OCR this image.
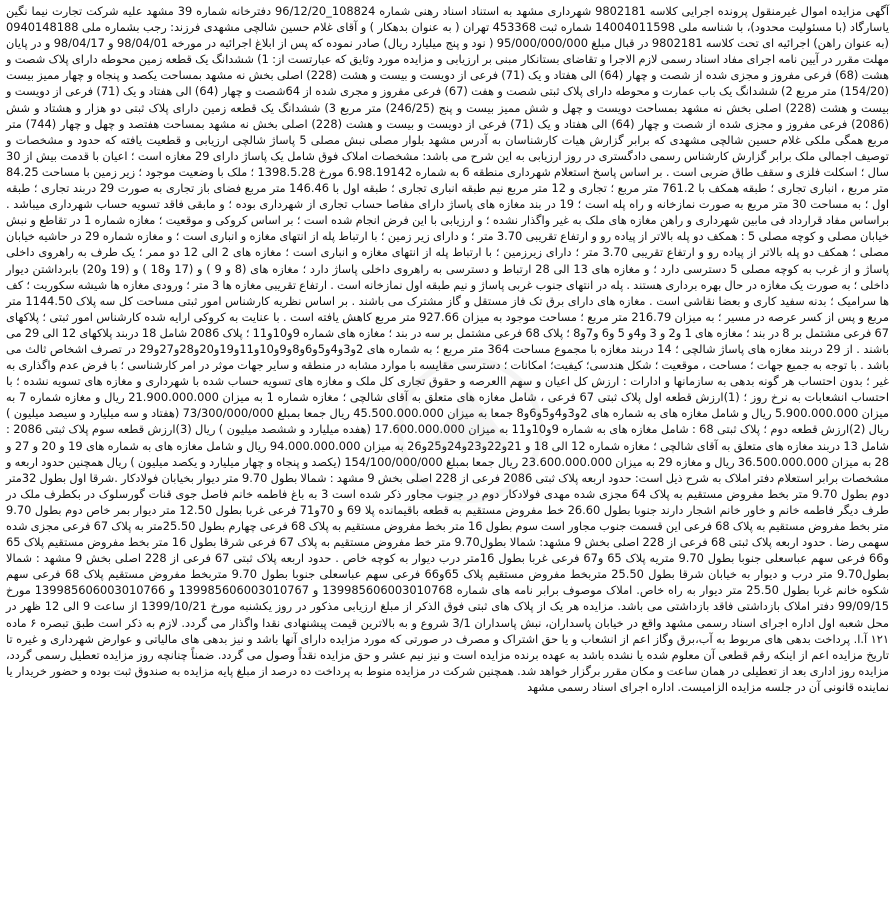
آگهی مزایده اموال غیرمنقول پرونده اجرایی کلاسه 9802181 شهرداری مشهد به استناد اسناد رهنی شماره 108824_96/12/20 دفترخانه شماره 39 مشهد علیه شرکت تجارت نیما نگین یاسارگاد (با مسئولیت محدود)، با شناسه ملی 14004011598 شماره ثبت 453368 تهران ( به عنوان بدهکار ) و آقای غلام حسین شالچی مشهدی فرزند: رجب بشماره ملی 0940148188 (به عنوان راهن) اجرائیه ای تحت کلاسه 9802181 در قبال مبلغ 95/000/000/000 ( نود و پنج میلیارد ریال) صادر نموده که پس از ابلاغ اجرائیه در مورخه 98/04/01 و 98/04/17 و در پایان مهلت مقرر در آیین نامه اجرای مفاد اسناد رسمی لازم الاجرا و تقاضای بستانکار مبنی بر ارزیابی و مزایده مورد وثایق که عبارتست از: 1) ششدانگ یک قطعه زمین محوطه دارای پلاک شصت و هشت (68) فرعی مفروز و مجزی شده از شصت و چهار (64) الی هفتاد و یک (71) فرعی از دویست و بیست و هشت (228) اصلی بخش نه مشهد بمساحت یکصد و پنجاه و چهار ممیز بیست (154/20) متر مربع 2) ششدانگ یک باب عمارت و محوطه دارای پلاک ثبتی شصت و هفت (67) فرعی مفروز و مجری شده از 64شصت و چهار (64) الی هفتاد و یک (71) فرعی از دویست و بیست و هشت (228) اصلی بخش نه مشهد بمساحت دویست و چهل و شش ممیز بیست و پنج (246/25) متر مربع 3) ششدانگ یک قطعه زمین دارای پلاک ثبتی دو هزار و هشتاد و شش (2086) فرعی مفروز و مجزی شده از شصت و چهار (64) الی هفتاد و یک (71) فرعی از دویست و بیست و هشت (228) اصلی بخش نه مشهد بمساحت هفتصد و چهل و چهار (744) متر مربع همگی ملکی غلام حسین شالچی مشهدی که برابر گزارش هیات کارشناسان به آدرس مشهد بلوار مصلی نبش مصلی 5 پاساژ شالچی ارزیابی و قطعیت یافته که حدود و مشخصات و توصیف اجمالی ملک برابر گزارش کارشناس رسمی دادگستری در روز ارزیابی به این شرح می باشد: مشخصات املاک فوق شامل یک پاساژ دارای 29 مغازه است ؛ اعیان با قدمت بیش از 30 سال ؛ اسکلت فلزی و سقف طاق ضربی است . بر اساس پاسخ استعلام شهرداری منطقه 6 به شماره 6.98.19142 مورخ 1398.5.28 ؛ ملک با وضعیت موجود ؛ زیر زمین با مساحت 84.25 متر مربع ، انباری تجاری ؛ طبقه همکف با 761.2 متر مربع ؛ تجاری و 12 متر مربع نیم طبقه انباری تجاری ؛ طبقه اول با 146.46 متر مربع فضای باز تجاری به صورت 29 دربند تجاری ؛ طبقه اول ؛ به مساحت 30 متر مربع به صورت نمازخانه و راه پله است ؛ 19 در بند مغازه های پاساژ دارای مفاصا حساب تجاری از شهرداری بوده ؛ و مابقی فاقد تسویه حساب شهرداری میباشد . براساس مفاد قرارداد فی مابین شهرداری و راهن مغازه های ملک به غیر واگذار نشده ؛ و ارزیابی با این فرض انجام شده است ؛ بر اساس کروکی و موقعیت ؛ مغازه شماره 1 در تقاطع و نبش خیابان مصلی و کوچه مصلی 5 : همکف دو پله بالاتر از پیاده رو و ارتفاع تقریبی 3.70 متر ؛ و دارای زیر زمین ؛ با ارتباط پله از انتهای مغازه و انباری است ؛ و مغازه شماره 29 در حاشیه خیابان مصلی ؛ همکف دو پله بالاتر از پیاده رو و ارتفاع تقریبی 3.70 متر ؛ دارای زیرزمین ؛ با ارتباط پله از انتهای مغازه و انباری است ؛ مغازه های 2 الی 12 دو ممر ؛ یک طرف به راهروی داخلی پاساژ و از غرب به کوچه مصلی 5 دسترسی دارد ؛ و مغازه های 13 الی 28 ارتباط و دسترسی به راهروی داخلی پاساژ دارد ؛ مغازه های (8 و 9 ) و (17 و18 ) و (19 و20) بابرداشتن دیوار داخلی ؛ به صورت یک مغازه در حال بهره برداری هستند . پله در انتهای جنوب غربی پاساژ و نیم طبقه اول نمازخانه است . ارتفاع تقریبی مغازه ها 3 متر ؛ ورودی مغازه ها شیشه سکوریت ؛ کف ها سرامیک ؛ بدنه سفید کاری و بعضا نقاشی است . مغازه های دارای برق تک فاز مستقل و گاز مشترک می باشند . بر اساس نظریه کارشناس امور ثبتی مساحت کل سه پلاک 1144.50 متر مربع و پس از کسر عرصه در مسیر ؛ به میزان 216.79 متر مربع ؛ مساحت موجود به میزان 927.66 متر مربع کاهش یافته است . با عنایت به کروکی ارایه شده کارشناس امور ثبتی ؛ پلاکهای 67 فرعی مشتمل بر 8 در بند ؛ مغازه های 1 و2 و 3 و4و 5 و6 و7و8 ؛ پلاک 68 فرعی مشتمل بر سه در بند ؛ مغازه های شماره 9و10و11 ؛ پلاک 2086 شامل 18 دربند پلاکهای 12 الی 29 می باشند . از 29 دربند مغازه های پاساژ شالچی ؛ 14 دربند مغازه با مجموع مساحت 364 متر مربع ؛ به شماره های 2و3و4و5و6و8و9و10و11و19و20و28و27و29 در تصرف اشخاص ثالث می باشد . با توجه به جمیع جهات ؛ مساحت ، موقعیت ؛ شکل هندسی؛ کیفیت؛ امکانات ؛ دسترسی مقایسه با موارد مشابه در منطقه و سایر جهات موثر در امر کارشناسی ؛ با فرض عدم واگذاری به غیر ؛ بدون احتساب هر گونه بدهی به سازمانها و ادارات : ارزش کل اعیان و سهم االعرصه و حقوق تجاری کل ملک و مغازه های تسویه حساب شده با شهرداری و مغازه های تسویه نشده ؛ با احتساب انشعابات به نرخ روز ؛ (1)ارزش قطعه اول پلاک ثبتی 67 فرعی ، شامل مغازه های متعلق به آقای شالچی ؛ مغازه شماره 1 به میزان 21.900.000.000 ریال و مغازه شماره 7 به میزان 5.900.000.000 ریال و شامل مغازه های به شماره های 2و3و4و5و6و8 جمعا به میزان 45.500.000.000 ریال جمعا بمبلغ 73/300/000/000 (هفتاد و سه میلیارد و سیصد میلیون ) ریال (2)ارزش قطعه دوم ؛ پلاک ثبتی 68 : شامل مغازه های به شماره 9و10و11 به میزان 17.600.000.000 (هفده میلیارد و ششصد میلیون ) ریال (3)ارزش قطعه سوم پلاک ثبتی 2086 : شامل 13 دربند مغازه های متعلق به آقای شالچی ؛ مغازه شماره 12 الی 18 و 21و22و23و24و25و26 به میزان 94.000.000.000 ریال و شامل مغازه های به شماره های 19 و 20 و 27 و 28 به میزان 36.500.000.000 ریال و مغازه 29 به میزان 23.600.000.000 ریال جمعا بمبلغ 154/100/000/000 (یکصد و پنجاه و چهار میلیارد و یکصد میلیون ) ریال همچنین حدود اربعه و مشخصات برابر استعلام دفتر املاک به شرح ذیل است: حدود اربعه پلاک ثبتی 2086 فرعی از 228 اصلی بخش 9 مشهد : شمالا بطول 9.70 متر دیوار بخیابان فولادکار .شرقا اول بطول 32متر دوم بطول 9.70 متر بخط مفروض مستقیم به پلاک 64 مجزی شده مهدی فولادکار دوم در جنوب مجاور ذکر شده است 3 به باغ فاطمه خانم فاصل جوی قنات گورسلوک در بکطرف ملک در طرف دیگر فاطمه خانم و خاور خانم اشجار دارند جنوبا بطول 26.60 خط مفروض مستقیم به قطعه باقیمانده پلا 69 و 70و71 فرعی غربا بطول 12.50 متر دیوار بمر خاص دوم بطول 9.70 متر بخط مفروض مستقیم به پلاک 68 فرعی این قسمت جنوب مجاور است سوم بطول 16 متر بخط مفروض مستقیم به پلاک 68 فرعی چهارم بطول 25.50متر به پلاک 67 فرعی مجزی شده سهمی رضا . حدود اربعه پلاک ثبتی 68 فرعی از 228 اصلی بخش 9 مشهد: شمالا بطول9.70 متر خط مفروض مستقیم به پلاک 67 فرعی شرقا بطول 16 متر بخط مفروض مستقیم پلاک 65 و66 فرعی سهم عباسعلی جنوبا بطول 9.70 متریه پلاک 65 و67 فرعی غربا بطول 16متر درب دیوار به کوچه خاص . حدود اربعه پلاک ثبتی 67 فرعی از 228 اصلی بخش 9 مشهد : شمالا بطول9.70 متر درب و دیوار به خیابان شرقا بطول 25.50 متربخط مفروض مستقیم پلاک 65و66 فرعی سهم عباسعلی جنوبا بطول 9.70 متربخط مفروض مستقیم پلاک 68 فرعی سهم شکوه خانم غربا بطول 25.50 متر دیوار به راه خاص. املاک موصوف برابر نامه های شماره 139985606003010768 و 139985606003010767 و 139985606003010766 مورخ 99/09/15 دفتر املاک بازداشتی فاقد بازداشتی می باشد. مزایده هر یک از پلاک های ثبتی فوق الذکر از مبلغ ارزیابی مذکور در روز یکشنبه مورخ 1399/10/21 از ساعت 9 الی 12 ظهر در محل شعبه اول اداره اجرای اسناد رسمی مشهد واقع در خیابان پاسداران، نبش پاسداران 3/1 شروع و به بالاترین قیمت پیشنهادی نقدا واگذار می گردد. لازم به ذکر است طبق تبصره ۶ ماده ۱۲۱ آ.ا. پرداخت بدهی های مربوط به آب،برق وگاز اعم از انشعاب و یا حق اشتراک و مصرف در صورتی که مورد مزایده دارای آنها باشد و نیز بدهی های مالیاتی و عوارض شهرداری و غیره تا تاریخ مزایده اعم از اینکه رقم قطعی آن معلوم شده یا نشده باشد به عهده برنده مزایده است و نیز نیم عشر و حق مزایده نقداً وصول می گردد. ضمناً چنانچه روز مزایده تعطیل رسمی گردد، مزایده روز اداری بعد از تعطیلی در همان ساعت و مکان مقرر برگزار خواهد شد. همچنین شرکت در مزایده منوط به پرداخت ده درصد از مبلغ پایه مزایده به صندوق ثبت بوده و حضور خریدار یا نماینده قانونی آن در جلسه مزایده الزامیست. اداره اجرای اسناد رسمی مشهد
